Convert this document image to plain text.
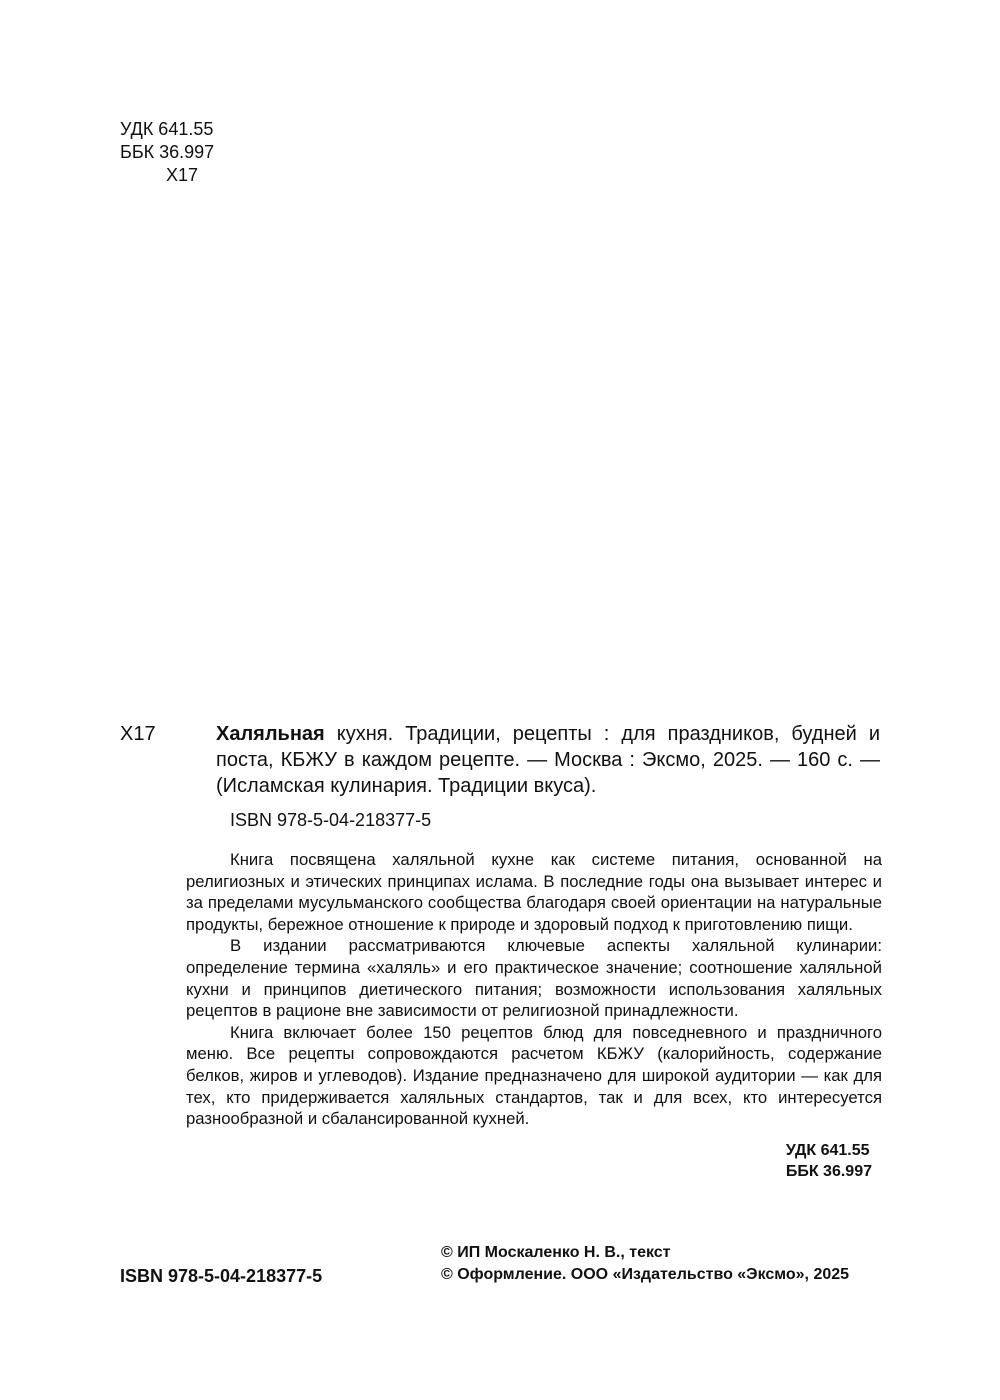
УДК 641.55
ББК 36.997
Х17
Х17	Халяльная кухня. Традиции, рецепты : для праздников, будней и поста, КБЖУ в каждом рецепте. — Москва : Эксмо, 2025. — 160 с. — (Исламская кулинария. Традиции вкуса).
ISBN 978-5-04-218377-5

Книга посвящена халяльной кухне как системе питания, основанной на религиозных и этических принципах ислама. В последние годы она вызывает интерес и за пределами мусульманского сообщества благодаря своей ориентации на натуральные продукты, бережное отношение к природе и здоровый подход к приготовлению пищи.

В издании рассматриваются ключевые аспекты халяльной кулинарии: определение термина «халяль» и его практическое значение; соотношение халяльной кухни и принципов диетического питания; возможности использования халяльных рецептов в рационе вне зависимости от религиозной принадлежности.

Книга включает более 150 рецептов блюд для повседневного и праздничного меню. Все рецепты сопровождаются расчетом КБЖУ (калорийность, содержание белков, жиров и углеводов). Издание предназначено для широкой аудитории — как для тех, кто придерживается халяльных стандартов, так и для всех, кто интересуется разнообразной и сбалансированной кухней.

УДК 641.55
ББК 36.997
ISBN 978-5-04-218377-5
© ИП Москаленко Н. В., текст
© Оформление. ООО «Издательство «Эксмо», 2025
